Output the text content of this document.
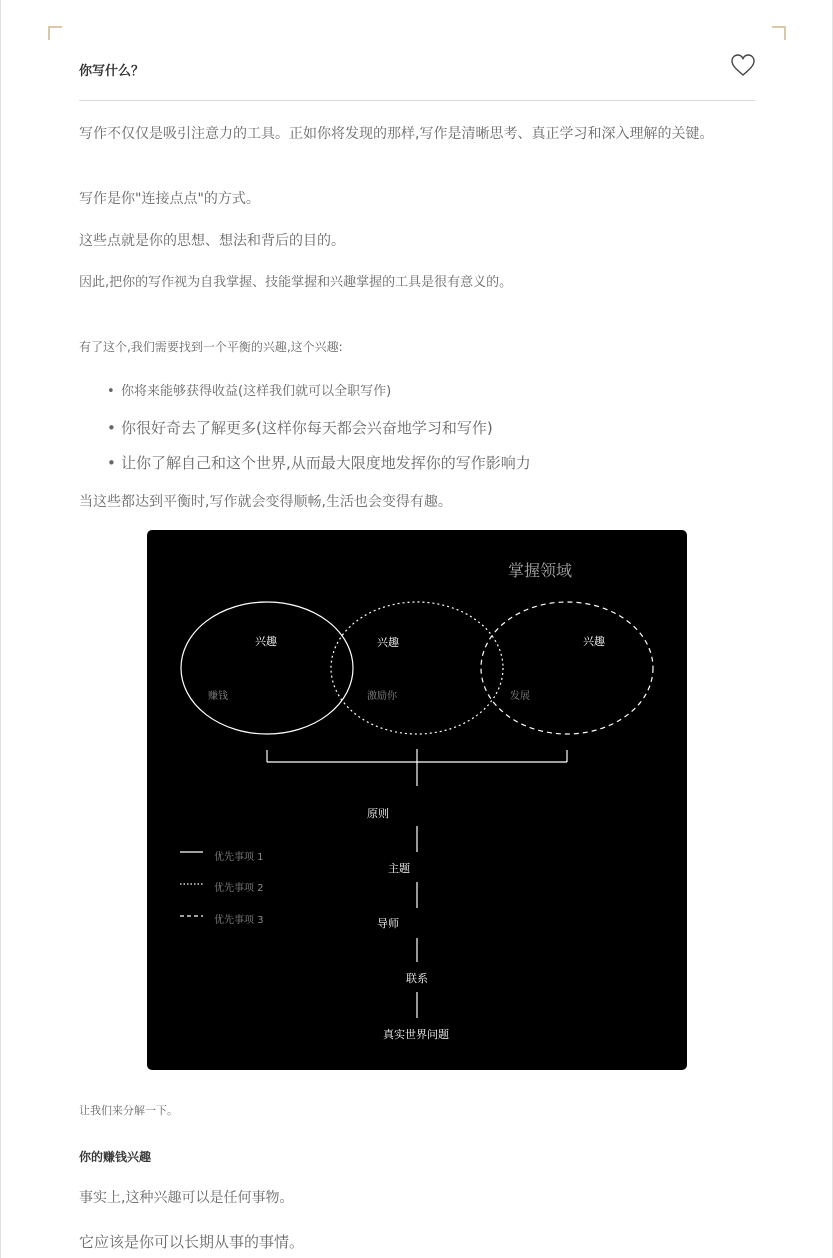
你写什么？

写作不仅仅是吸引注意力的工具。正如你将发现的那样,写作是清晰思考、真正学习和深入理解的关键。

写作是你"连接点点"的方式。

这些点就是你的思想、想法和背后的目的。

因此,把你的写作视为自我掌握、技能掌握和兴趣掌握的工具是很有意义的。

有了这个,我们需要找到一个平衡的兴趣,这个兴趣:

• 你将来能够获得收益(这样我们就可以全职写作)
• 你很好奇去了解更多(这样你每天都会兴奋地学习和写作)
• 让你了解自己和这个世界,从而最大限度地发挥你的写作影响力

当这些都达到平衡时,写作就会变得顺畅,生活也会变得有趣。

掌握领域
兴趣	兴趣	兴趣
赚钱	激励你	发展
原则
主题
导师
联系
真实世界问题
优先事项 1
优先事项 2
优先事项 3

让我们来分解一下。

你的赚钱兴趣

事实上,这种兴趣可以是任何事物。

它应该是你可以长期从事的事情。
